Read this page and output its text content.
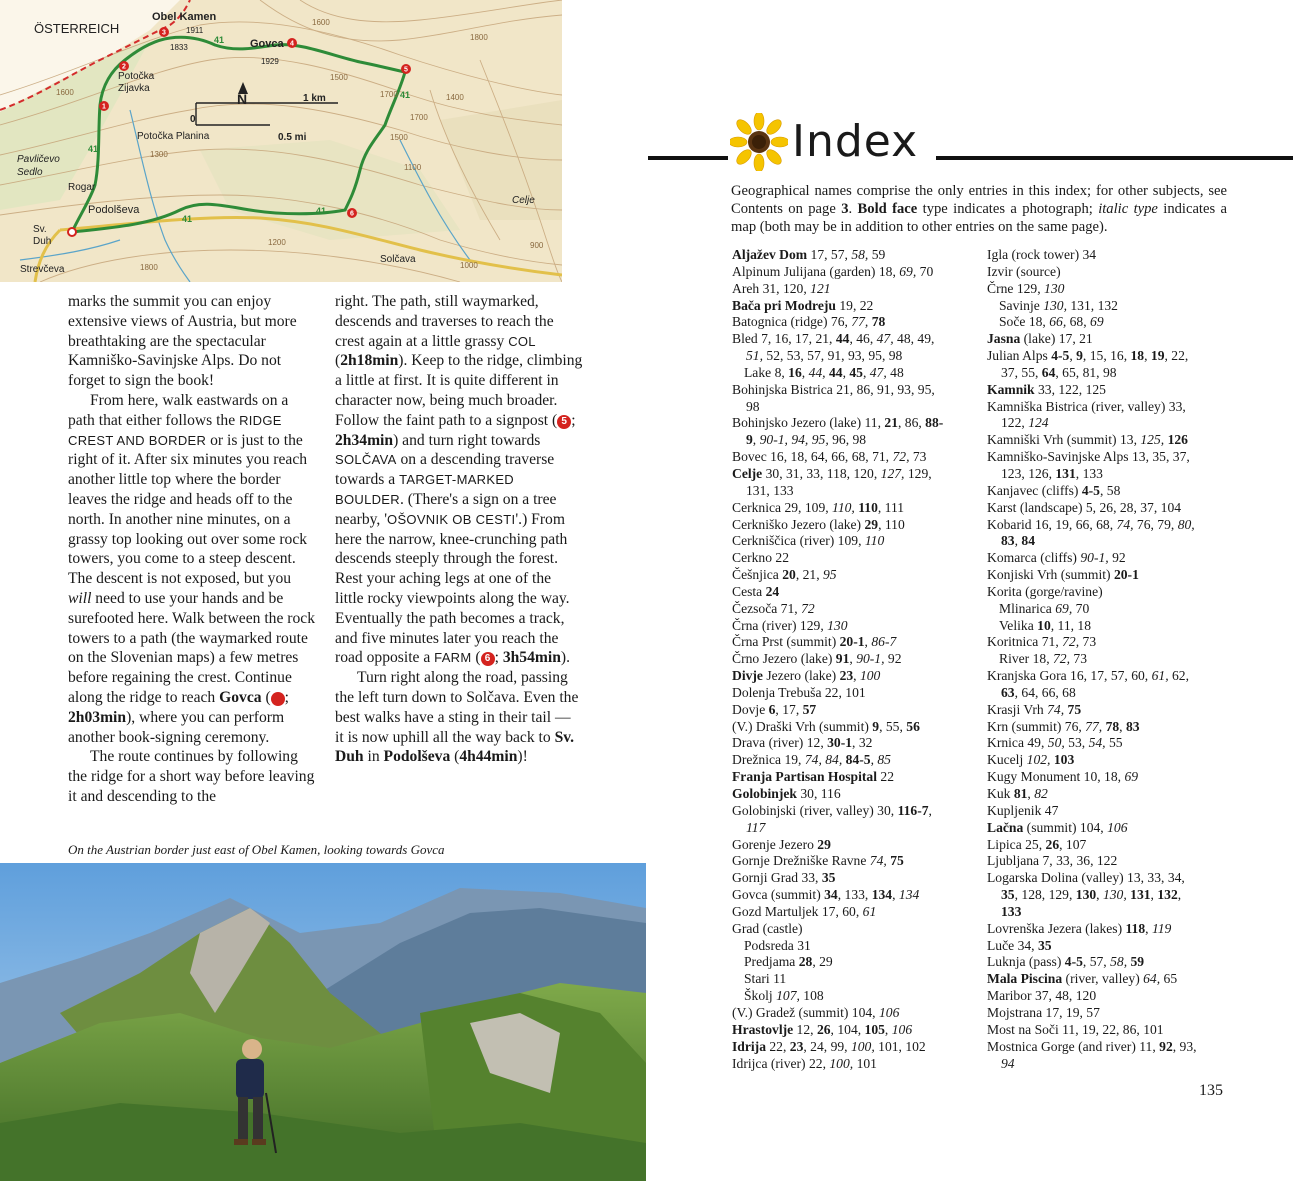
ÖSTERREICH
Obel Kamen
1911
1833	Govca
1929
Potočka
Zijavka
Potočka Planina
Pavličevo
Sedlo
Rogar
Podolševa
Sv.
Duh
Strevčeva
Solčava
Celje
1 km
0.5 mi
0
N
41
41
41
41
41
1600
1700
1500
1400
1300
1200
1800
900
1000
1100
1600
1500
1700
1800
1
2
3
4
5
6

marks the summit you can enjoy extensive views of Austria, but more breathtaking are the spectacular Kamniško-Savinjske Alps. Do not forget to sign the book!

From here, walk eastwards on a path that either follows the RIDGE CREST AND BORDER or is just to the right of it. After six minutes you reach another little top where the border leaves the ridge and heads off to the north. In another nine minutes, on a grassy top looking out over some rock towers, you come to a steep descent. The descent is not exposed, but you will need to use your hands and be surefooted here. Walk between the rock towers to a path (the waymarked route on the Slovenian maps) a few metres before regaining the crest. Continue along the ridge to reach Govca ( 4; 2h03min), where you can perform another book-signing ceremony.

The route continues by following the ridge for a short way before leaving it and descending to the

right. The path, still waymarked, descends and traverses to reach the crest again at a little grassy COL (2h18min). Keep to the ridge, climbing a little at first. It is quite different in character now, being much broader. Follow the faint path to a signpost ( 5 ; 2h34min) and turn right towards SOLČAVA on a descending traverse towards a TARGET-MARKED BOULDER. (There's a sign on a tree nearby, 'OŠOVNIK OB CESTI'.) From here the narrow, knee-crunching path descends steeply through the forest. Rest your aching legs at one of the little rocky viewpoints along the way. Eventually the path becomes a track, and five minutes later you reach the road opposite a FARM ( 6 ; 3h54min).

Turn right along the road, passing the left turn down to Solčava. Even the best walks have a sting in their tail — it is now uphill all the way back to Sv. Duh in Podolševa (4h44min)!

On the Austrian border just east of Obel Kamen, looking towards Govca
Index
Geographical names comprise the only entries in this index; for other subjects, see Contents on page 3. Bold face type indicates a photograph; italic type indicates a map (both may be in addition to other entries on the same page).
Aljažev Dom 17, 57, 58, 59
Alpinum Julijana (garden) 18, 69, 70
Areh 31, 120, 121
Bača pri Modreju 19, 22
Batognica (ridge) 76, 77, 78
Bled 7, 16, 17, 21, 44, 46, 47, 48, 49,
51, 52, 53, 57, 91, 93, 95, 98
Lake 8, 16, 44, 44, 45, 47, 48
Bohinjska Bistrica 21, 86, 91, 93, 95,
98
Bohinjsko Jezero (lake) 11, 21, 86, 88-
9, 90-1, 94, 95, 96, 98
Bovec 16, 18, 64, 66, 68, 71, 72, 73
Celje 30, 31, 33, 118, 120, 127, 129,
131, 133
Cerknica 29, 109, 110, 110, 111
Cerkniško Jezero (lake) 29, 110
Cerkniščica (river) 109, 110
Cerkno 22
Češnjica 20, 21, 95
Cesta 24
Čezsoča 71, 72
Črna (river) 129, 130
Črna Prst (summit) 20-1, 86-7
Črno Jezero (lake) 91, 90-1, 92
Divje Jezero (lake) 23, 100
Dolenja Trebuša 22, 101
Dovje 6, 17, 57
(V.) Draški Vrh (summit) 9, 55, 56
Drava (river) 12, 30-1, 32
Drežnica 19, 74, 84, 84-5, 85
Franja Partisan Hospital 22
Golobinjek 30, 116
Golobinjski (river, valley) 30, 116-7,
117
Gorenje Jezero 29
Gornje Drežniške Ravne 74, 75
Gornji Grad 33, 35
Govca (summit) 34, 133, 134, 134
Gozd Martuljek 17, 60, 61
Grad (castle)
Podsreda 31
Predjama 28, 29
Stari 11
Školj 107, 108
(V.) Gradež (summit) 104, 106
Hrastovlje 12, 26, 104, 105, 106
Idrija 22, 23, 24, 99, 100, 101, 102
Idrijca (river) 22, 100, 101
Igla (rock tower) 34
Izvir (source)
Črne 129, 130
Savinje 130, 131, 132
Soče 18, 66, 68, 69
Jasna (lake) 17, 21
Julian Alps 4-5, 9, 15, 16, 18, 19, 22,
37, 55, 64, 65, 81, 98
Kamnik 33, 122, 125
Kamniška Bistrica (river, valley) 33,
122, 124
Kamniški Vrh (summit) 13, 125, 126
Kamniško-Savinjske Alps 13, 35, 37,
123, 126, 131, 133
Kanjavec (cliffs) 4-5, 58
Karst (landscape) 5, 26, 28, 37, 104
Kobarid 16, 19, 66, 68, 74, 76, 79, 80,
83, 84
Komarca (cliffs) 90-1, 92
Konjiski Vrh (summit) 20-1
Korita (gorge/ravine)
Mlinarica 69, 70
Velika 10, 11, 18
Koritnica 71, 72, 73
River 18, 72, 73
Kranjska Gora 16, 17, 57, 60, 61, 62,
63, 64, 66, 68
Krasji Vrh 74, 75
Krn (summit) 76, 77, 78, 83
Krnica 49, 50, 53, 54, 55
Kucelj 102, 103
Kugy Monument 10, 18, 69
Kuk 81, 82
Kupljenik 47
Lačna (summit) 104, 106
Lipica 25, 26, 107
Ljubljana 7, 33, 36, 122
Logarska Dolina (valley) 13, 33, 34,
35, 128, 129, 130, 130, 131, 132,
133
Lovrenška Jezera (lakes) 118, 119
Luče 34, 35
Luknja (pass) 4-5, 57, 58, 59
Mala Piscina (river, valley) 64, 65
Maribor 37, 48, 120
Mojstrana 17, 19, 57
Most na Soči 11, 19, 22, 86, 101
Mostnica Gorge (and river) 11, 92, 93,
94
135
